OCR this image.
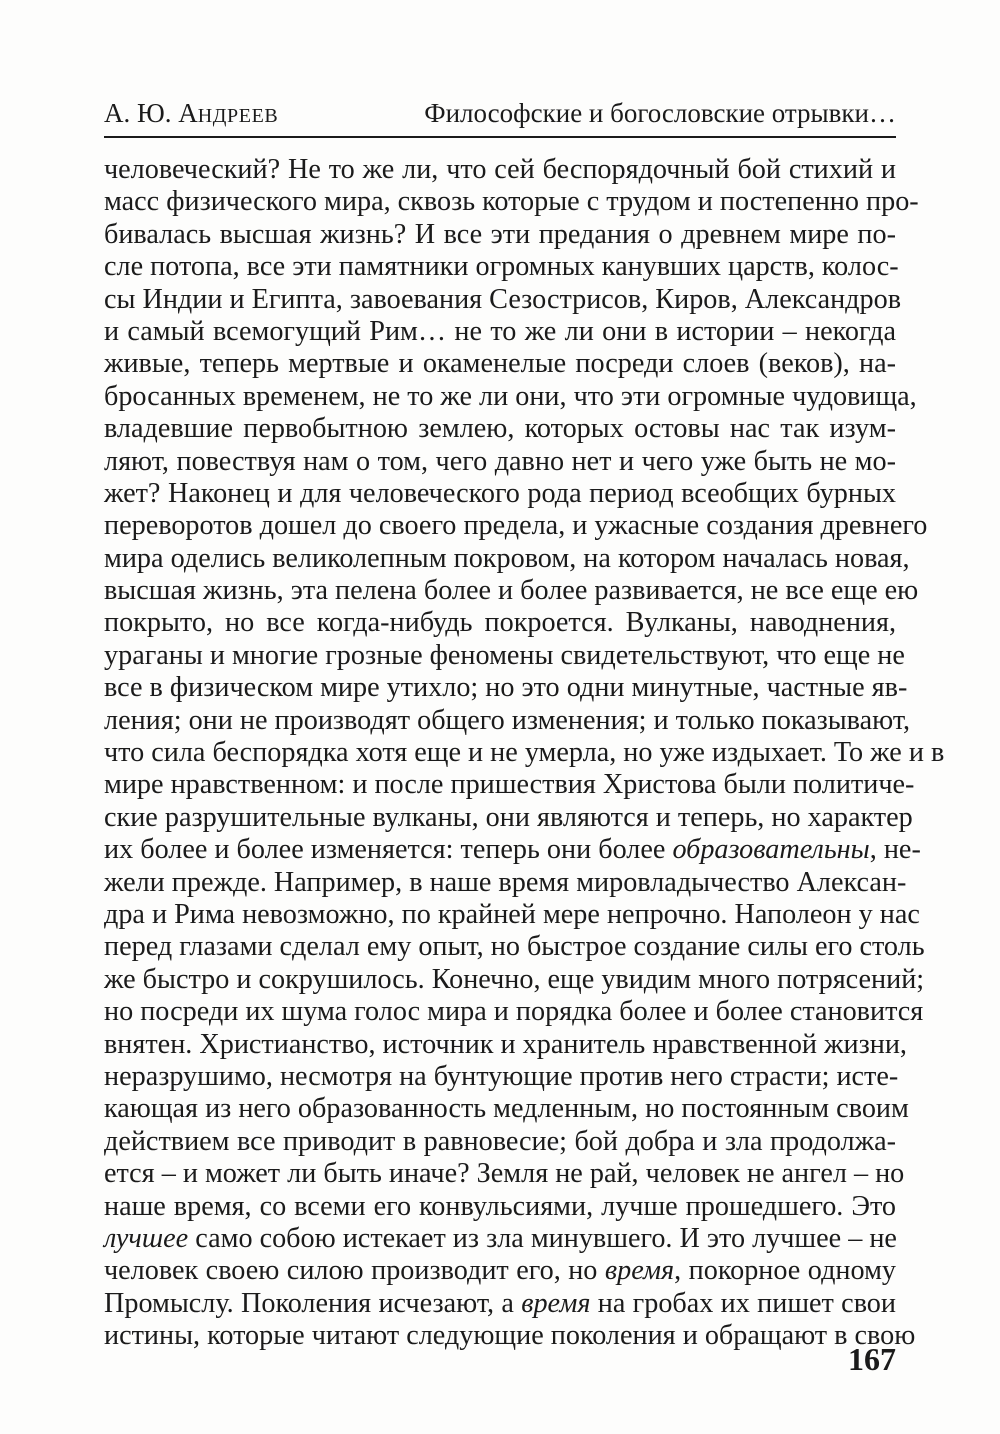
А. Ю. АНДРЕЕВ	Философские и богословские отрывки…
человеческий? Не то же ли, что сей беспорядочный бой стихий и
масс физического мира, сквозь которые с трудом и постепенно про-
бивалась высшая жизнь? И все эти предания о древнем мире по-
сле потопа, все эти памятники огромных канувших царств, колос-
сы Индии и Египта, завоевания Сезострисов, Киров, Александров
и самый всемогущий Рим… не то же ли они в истории – некогда
живые, теперь мертвые и окаменелые посреди слоев (веков), на-
бросанных временем, не то же ли они, что эти огромные чудовища,
владевшие первобытною землею, которых остовы нас так изум-
ляют, повествуя нам о том, чего давно нет и чего уже быть не мо-
жет? Наконец и для человеческого рода период всеобщих бурных
переворотов дошел до своего предела, и ужасные создания древнего
мира оделись великолепным покровом, на котором началась новая,
высшая жизнь, эта пелена более и более развивается, не все еще ею
покрыто, но все когда-нибудь покроется. Вулканы, наводнения,
ураганы и многие грозные феномены свидетельствуют, что еще не
все в физическом мире утихло; но это одни минутные, частные яв-
ления; они не производят общего изменения; и только показывают,
что сила беспорядка хотя еще и не умерла, но уже издыхает. То же и в
мире нравственном: и после пришествия Христова были политиче-
ские разрушительные вулканы, они являются и теперь, но характер
их более и более изменяется: теперь они более образовательны, не-
жели прежде. Например, в наше время мировладычество Алексан-
дра и Рима невозможно, по крайней мере непрочно. Наполеон у нас
перед глазами сделал ему опыт, но быстрое создание силы его столь
же быстро и сокрушилось. Конечно, еще увидим много потрясений;
но посреди их шума голос мира и порядка более и более становится
внятен. Христианство, источник и хранитель нравственной жизни,
неразрушимо, несмотря на бунтующие против него страсти; исте-
кающая из него образованность медленным, но постоянным своим
действием все приводит в равновесие; бой добра и зла продолжа-
ется – и может ли быть иначе? Земля не рай, человек не ангел – но
наше время, со всеми его конвульсиями, лучше прошедшего. Это
лучшее само собою истекает из зла минувшего. И это лучшее – не
человек своею силою производит его, но время, покорное одному
Промыслу. Поколения исчезают, а время на гробах их пишет свои
истины, которые читают следующие поколения и обращают в свою
167
